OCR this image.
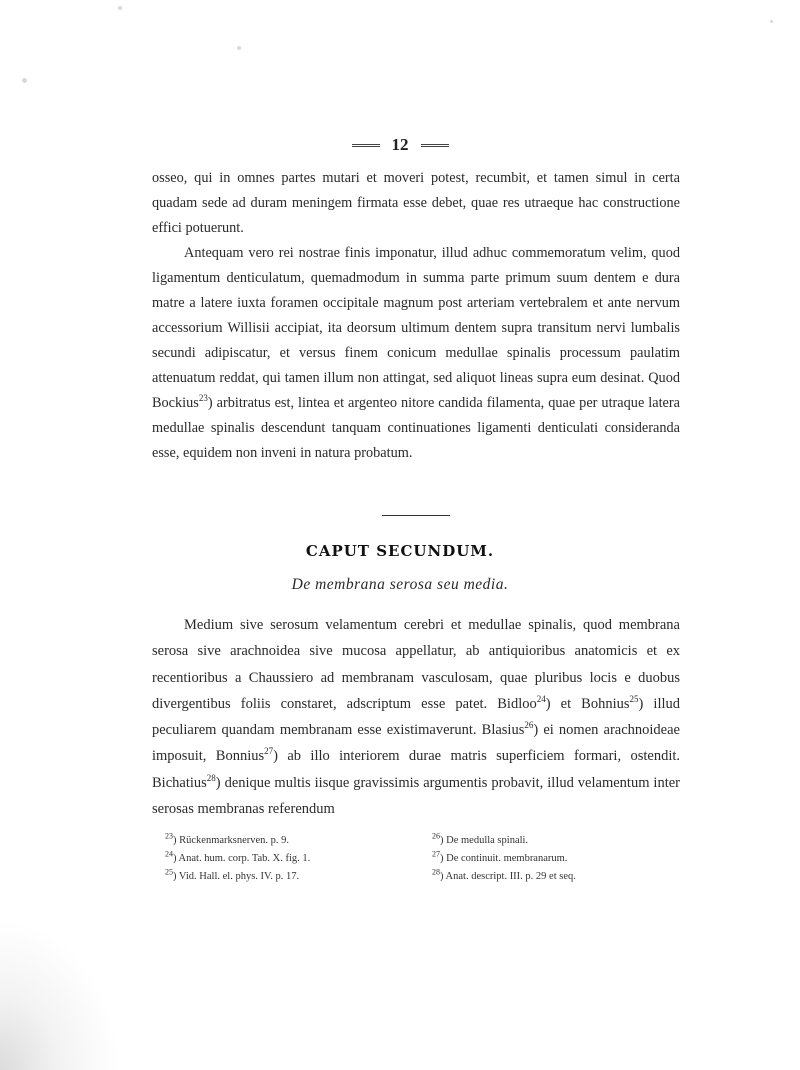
12

osseo, qui in omnes partes mutari et moveri potest, recumbit, et tamen simul in certa quadam sede ad duram meningem firmata esse debet, quae res utraeque hac constructione effici potuerunt.

Antequam vero rei nostrae finis imponatur, illud adhuc commemoratum velim, quod ligamentum denticulatum, quemadmodum in summa parte primum suum dentem e dura matre a latere iuxta foramen occipitale magnum post arteriam vertebralem et ante nervum accessorium Willisii accipiat, ita deorsum ultimum dentem supra transitum nervi lumbalis secundi adipiscatur, et versus finem conicum medullae spinalis processum paulatim attenuatum reddat, qui tamen illum non attingat, sed aliquot lineas supra eum desinat. Quod Bockius$^{23}$) arbitratus est, lintea et argenteo nitore candida filamenta, quae per utraque latera medullae spinalis descendunt tanquam continuationes ligamenti denticulati consideranda esse, equidem non inveni in natura probatum.

CAPUT SECUNDUM.
De membrana serosa seu media.

Medium sive serosum velamentum cerebri et medullae spinalis, quod membrana serosa sive arachnoidea sive mucosa appellatur, ab antiquioribus anatomicis et ex recentioribus a Chaussiero ad membranam vasculosam, quae pluribus locis e duobus divergentibus foliis constaret, adscriptum esse patet. Bidloo$^{24}$) et Bohnius$^{25}$) illud peculiarem quandam membranam esse existimaverunt. Blasius$^{26}$) ei nomen arachnoideae imposuit, Bonnius$^{27}$) ab illo interiorem durae matris superficiem formari, ostendit. Bichatius$^{28}$) denique multis iisque gravissimis argumentis probavit, illud velamentum inter serosas membranas referendum

$^{23}$) Rückenmarksnerven. p. 9.
$^{24}$) Anat. hum. corp. Tab. X. fig. 1.
$^{25}$) Vid. Hall. el. phys. IV. p. 17.
$^{26}$) De medulla spinali.
$^{27}$) De continuit. membranarum.
$^{28}$) Anat. descript. III. p. 29 et seq.
